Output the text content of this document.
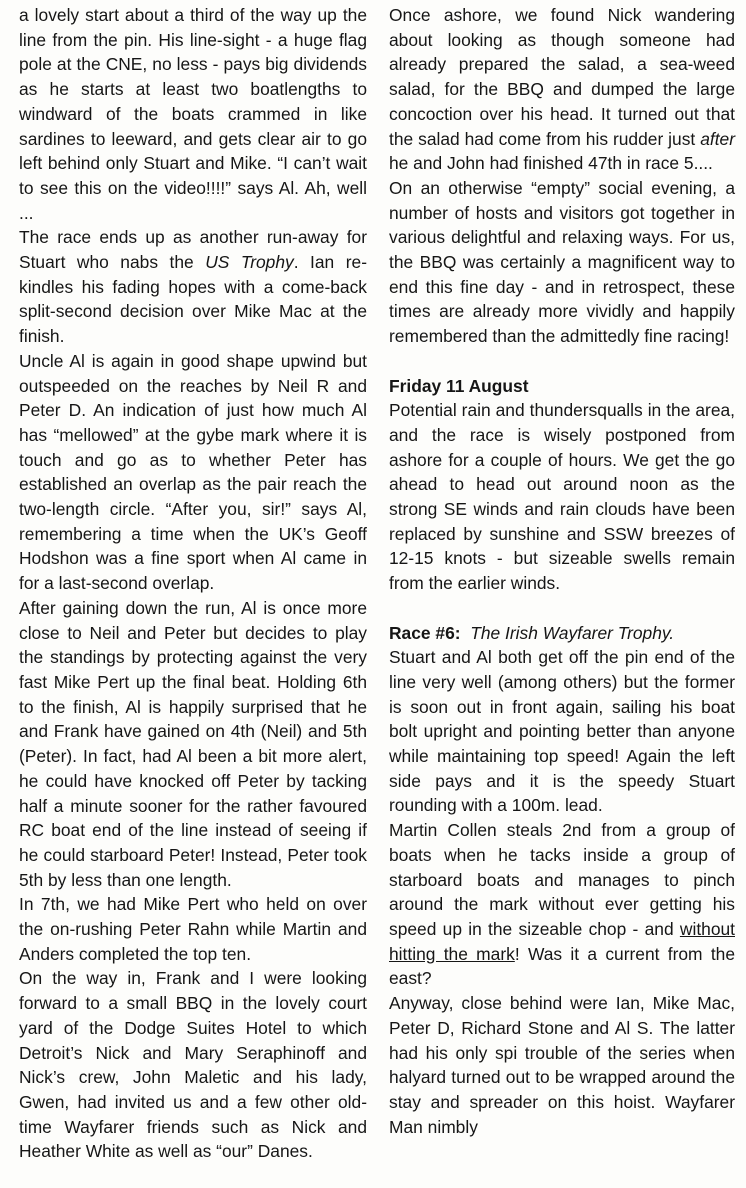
a lovely start about a third of the way up the line from the pin. His line-sight - a huge flag pole at the CNE, no less - pays big dividends as he starts at least two boatlengths to windward of the boats crammed in like sardines to leeward, and gets clear air to go left behind only Stuart and Mike. “I can’t wait to see this on the video!!!!” says Al. Ah, well ...

The race ends up as another run-away for Stuart who nabs the US Trophy. Ian re-kindles his fading hopes with a come-back split-second decision over Mike Mac at the finish.

Uncle Al is again in good shape upwind but outspeeded on the reaches by Neil R and Peter D. An indication of just how much Al has “mellowed” at the gybe mark where it is touch and go as to whether Peter has established an overlap as the pair reach the two-length circle. “After you, sir!” says Al, remembering a time when the UK’s Geoff Hodshon was a fine sport when Al came in for a last-second overlap.

After gaining down the run, Al is once more close to Neil and Peter but decides to play the standings by protecting against the very fast Mike Pert up the final beat. Holding 6th to the finish, Al is happily surprised that he and Frank have gained on 4th (Neil) and 5th (Peter). In fact, had Al been a bit more alert, he could have knocked off Peter by tacking half a minute sooner for the rather favoured RC boat end of the line instead of seeing if he could starboard Peter! Instead, Peter took 5th by less than one length.

In 7th, we had Mike Pert who held on over the on-rushing Peter Rahn while Martin and Anders completed the top ten.

On the way in, Frank and I were looking forward to a small BBQ in the lovely court yard of the Dodge Suites Hotel to which Detroit’s Nick and Mary Seraphinoff and Nick’s crew, John Maletic and his lady, Gwen, had invited us and a few other old-time Wayfarer friends such as Nick and Heather White as well as “our” Danes.

Once ashore, we found Nick wandering about looking as though someone had already prepared the salad, a sea-weed salad, for the BBQ and dumped the large concoction over his head. It turned out that the salad had come from his rudder just after he and John had finished 47th in race 5....

On an otherwise “empty” social evening, a number of hosts and visitors got together in various delightful and relaxing ways. For us, the BBQ was certainly a magnificent way to end this fine day - and in retrospect, these times are already more vividly and happily remembered than the admittedly fine racing!

Friday 11 August

Potential rain and thundersqualls in the area, and the race is wisely postponed from ashore for a couple of hours. We get the go ahead to head out around noon as the strong SE winds and rain clouds have been replaced by sunshine and SSW breezes of 12-15 knots - but sizeable swells remain from the earlier winds.

Race #6: The Irish Wayfarer Trophy.

Stuart and Al both get off the pin end of the line very well (among others) but the former is soon out in front again, sailing his boat bolt upright and pointing better than anyone while maintaining top speed! Again the left side pays and it is the speedy Stuart rounding with a 100m. lead.

Martin Collen steals 2nd from a group of boats when he tacks inside a group of starboard boats and manages to pinch around the mark without ever getting his speed up in the sizeable chop - and without hitting the mark! Was it a current from the east?

Anyway, close behind were Ian, Mike Mac, Peter D, Richard Stone and Al S. The latter had his only spi trouble of the series when halyard turned out to be wrapped around the stay and spreader on this hoist. Wayfarer Man nimbly
